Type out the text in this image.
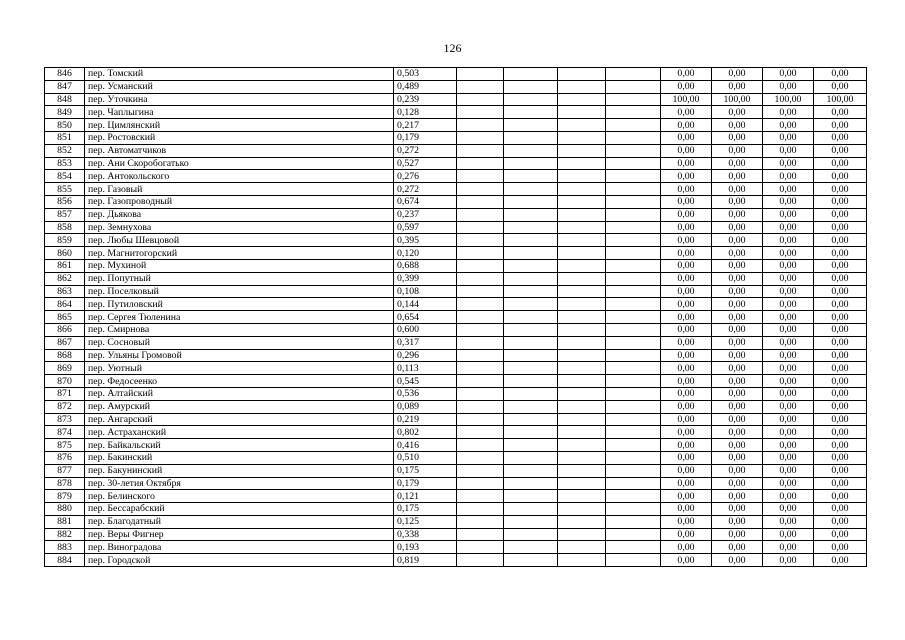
126
846	пер. Томский	0,503					0,00	0,00	0,00	0,00
847	пер. Усманский	0,489					0,00	0,00	0,00	0,00
848	пер. Уточкина	0,239					100,00	100,00	100,00	100,00
849	пер. Чаплыгина	0,128					0,00	0,00	0,00	0,00
850	пер. Цимлянский	0,217					0,00	0,00	0,00	0,00
851	пер. Ростовский	0,179					0,00	0,00	0,00	0,00
852	пер. Автоматчиков	0,272					0,00	0,00	0,00	0,00
853	пер. Ани Скоробогатько	0,527					0,00	0,00	0,00	0,00
854	пер. Антокольского	0,276					0,00	0,00	0,00	0,00
855	пер. Газовый	0,272					0,00	0,00	0,00	0,00
856	пер. Газопроводный	0,674					0,00	0,00	0,00	0,00
857	пер. Дьякова	0,237					0,00	0,00	0,00	0,00
858	пер. Земнухова	0,597					0,00	0,00	0,00	0,00
859	пер. Любы Шевцовой	0,395					0,00	0,00	0,00	0,00
860	пер. Магнитогорский	0,120					0,00	0,00	0,00	0,00
861	пер. Мухиной	0,688					0,00	0,00	0,00	0,00
862	пер. Попутный	0,399					0,00	0,00	0,00	0,00
863	пер. Поселковый	0,108					0,00	0,00	0,00	0,00
864	пер. Путиловский	0,144					0,00	0,00	0,00	0,00
865	пер. Сергея Тюленина	0,654					0,00	0,00	0,00	0,00
866	пер. Смирнова	0,600					0,00	0,00	0,00	0,00
867	пер. Сосновый	0,317					0,00	0,00	0,00	0,00
868	пер. Ульяны Громовой	0,296					0,00	0,00	0,00	0,00
869	пер. Уютный	0,113					0,00	0,00	0,00	0,00
870	пер. Федосеенко	0,545					0,00	0,00	0,00	0,00
871	пер. Алтайский	0,536					0,00	0,00	0,00	0,00
872	пер. Амурский	0,089					0,00	0,00	0,00	0,00
873	пер. Ангарский	0,219					0,00	0,00	0,00	0,00
874	пер. Астраханский	0,802					0,00	0,00	0,00	0,00
875	пер. Байкальский	0,416					0,00	0,00	0,00	0,00
876	пер. Бакинский	0,510					0,00	0,00	0,00	0,00
877	пер. Бакунинский	0,175					0,00	0,00	0,00	0,00
878	пер. 30-летия Октября	0,179					0,00	0,00	0,00	0,00
879	пер. Белинского	0,121					0,00	0,00	0,00	0,00
880	пер. Бессарабский	0,175					0,00	0,00	0,00	0,00
881	пер. Благодатный	0,125					0,00	0,00	0,00	0,00
882	пер. Веры Фигнер	0,338					0,00	0,00	0,00	0,00
883	пер. Виноградова	0,193					0,00	0,00	0,00	0,00
884	пер. Городской	0,819					0,00	0,00	0,00	0,00
